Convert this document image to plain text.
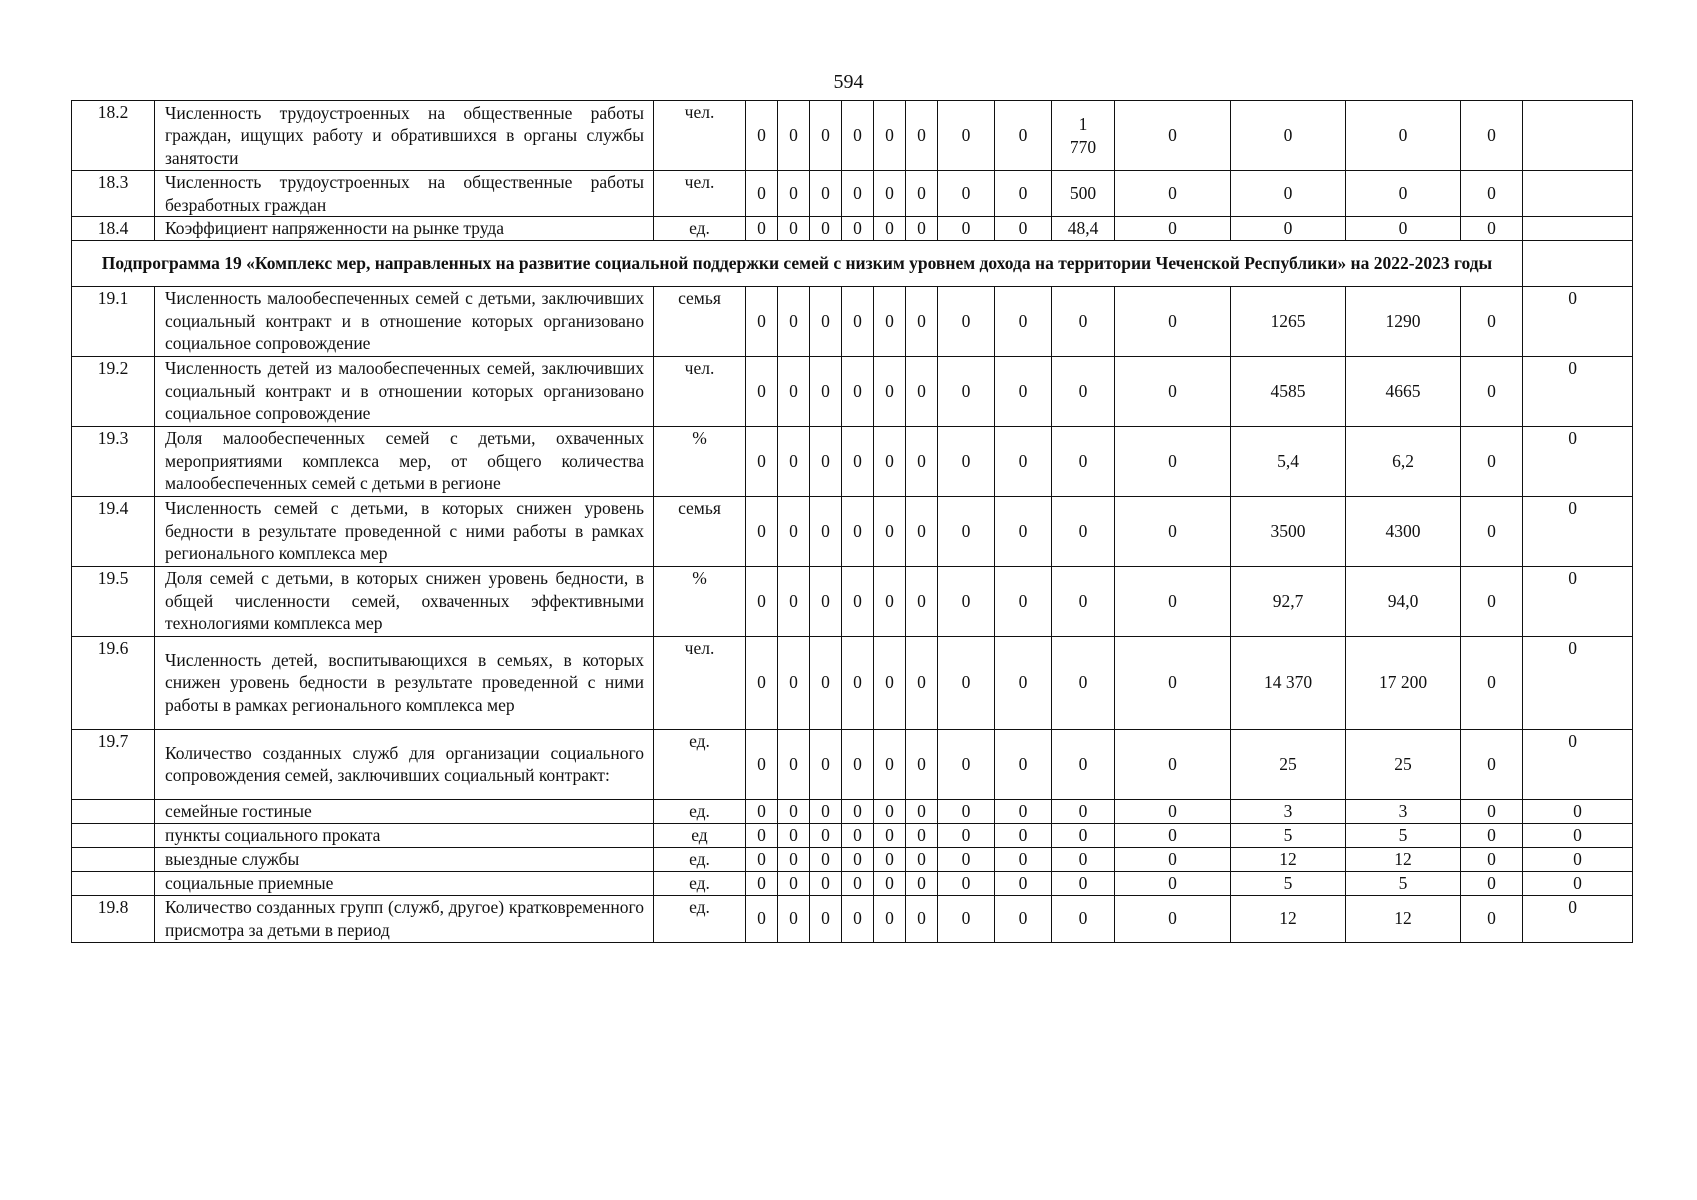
594
18.2	Численность трудоустроенных на общественные работы граждан, ищущих работу и обратившихся в органы службы занятости	чел.	0	0	0	0	0	0	0	0	1 770	0	0	0	0	
18.3	Численность трудоустроенных на общественные работы безработных граждан	чел.	0	0	0	0	0	0	0	0	500	0	0	0	0	
18.4	Коэффициент напряженности на рынке труда	ед.	0	0	0	0	0	0	0	0	48,4	0	0	0	0	
Подпрограмма 19 «Комплекс мер, направленных на развитие социальной поддержки семей с низким уровнем дохода на территории Чеченской Республики» на 2022-2023 годы																
19.1	Численность малообеспеченных семей с детьми, заключивших социальный контракт и в отношение которых организовано социальное сопровождение	семья	0	0	0	0	0	0	0	0	0	0	1265	1290	0	0
19.2	Численность детей из малообеспеченных семей, заключивших социальный контракт и в отношении которых организовано социальное сопровождение	чел.	0	0	0	0	0	0	0	0	0	0	4585	4665	0	0
19.3	Доля малообеспеченных семей с детьми, охваченных мероприятиями комплекса мер, от общего количества малообеспеченных семей с детьми в регионе	%	0	0	0	0	0	0	0	0	0	0	5,4	6,2	0	0
19.4	Численность семей с детьми, в которых снижен уровень бедности в результате проведенной с ними работы в рамках регионального комплекса мер	семья	0	0	0	0	0	0	0	0	0	0	3500	4300	0	0
19.5	Доля семей с детьми, в которых снижен уровень бедности, в общей численности семей, охваченных эффективными технологиями комплекса мер	%	0	0	0	0	0	0	0	0	0	0	92,7	94,0	0	0
19.6	Численность детей, воспитывающихся в семьях, в которых снижен уровень бедности в результате проведенной с ними работы в рамках регионального комплекса мер	чел.	0	0	0	0	0	0	0	0	0	0	14 370	17 200	0	0
19.7	Количество созданных служб для организации социального сопровождения семей, заключивших социальный контракт:	ед.	0	0	0	0	0	0	0	0	0	0	25	25	0	0
	семейные гостиные	ед.	0	0	0	0	0	0	0	0	0	0	3	3	0	0
	пункты социального проката	ед	0	0	0	0	0	0	0	0	0	0	5	5	0	0
	выездные службы	ед.	0	0	0	0	0	0	0	0	0	0	12	12	0	0
	социальные приемные	ед.	0	0	0	0	0	0	0	0	0	0	5	5	0	0
19.8	Количество созданных групп (служб, другое) кратковременного присмотра за детьми в период	ед.	0	0	0	0	0	0	0	0	0	0	12	12	0	0
